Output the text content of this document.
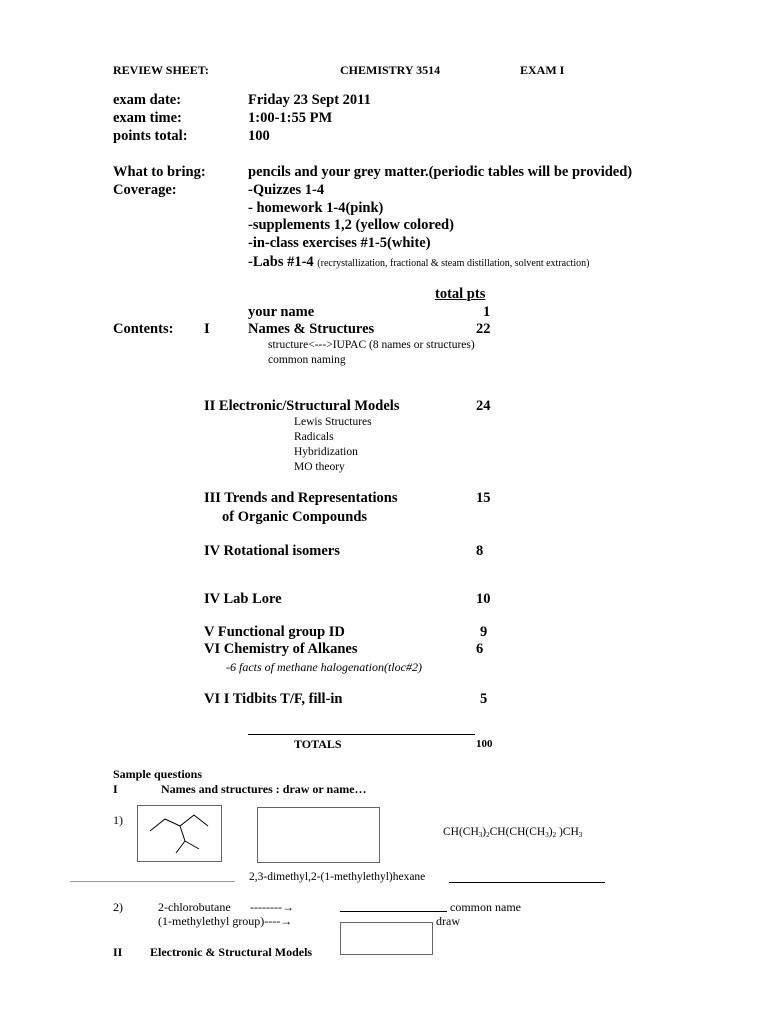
REVIEW SHEET:	CHEMISTRY 3514	EXAM I
exam date:	Friday 23 Sept 2011
exam time:	1:00-1:55 PM
points total:	100
What to bring:	pencils and your grey matter.(periodic tables will be provided)
Coverage:	-Quizzes 1-4
- homework 1-4(pink)
-supplements 1,2 (yellow colored)
-in-class exercises #1-5(white)
-Labs #1-4 (recrystallization, fractional & steam distillation, solvent extraction)
total pts
your name	1
Contents: I	Names & Structures	22
structure<--->IUPAC (8 names or structures)
common naming
II Electronic/Structural Models	24
Lewis Structures
Radicals
Hybridization
MO theory
III Trends and Representations	15
of Organic Compounds
IV Rotational isomers	8
IV Lab Lore	10
V Functional group ID	9
VI Chemistry of Alkanes	6
-6 facts of methane halogenation(tloc#2)
VI I Tidbits T/F, fill-in	5
TOTALS	100
Sample questions
I	Names and structures : draw or name…
1)
$CH(CH_3)_2CH(CH(CH_3)_2$ )$CH_3$
2,3-dimethyl,2-(1-methylethyl)hexane
2)	2-chlorobutane --------→
(1-methylethyl group)----→
common name
draw
II Electronic & Structural Models
